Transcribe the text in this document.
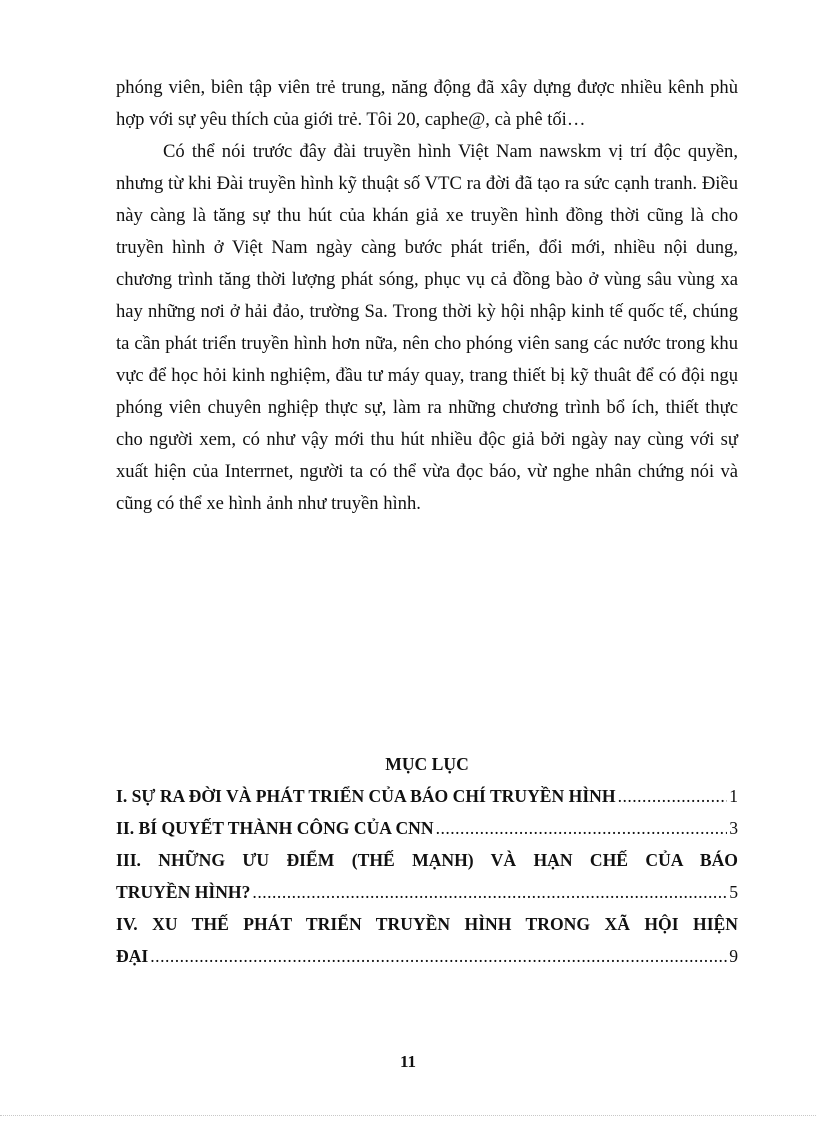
phóng viên, biên tập viên trẻ trung, năng động đã xây dựng được nhiều kênh phù hợp với sự yêu thích của giới trẻ. Tôi 20, caphe@, cà phê tối…

Có thể nói trước đây đài truyền hình Việt Nam nawskm vị trí độc quyền, nhưng từ khi Đài truyền hình kỹ thuật số VTC ra đời đã tạo ra sức cạnh tranh. Điều này càng là tăng sự thu hút của khán giả xe truyền hình đồng thời cũng là cho truyền hình ở Việt Nam ngày càng bước phát triển, đổi mới, nhiều nội dung, chương trình tăng thời lượng phát sóng, phục vụ cả đồng bào ở vùng sâu vùng xa hay những nơi ở hải đảo, trường Sa. Trong thời kỳ hội nhập kinh tế quốc tế, chúng ta cần phát triển truyền hình hơn nữa, nên cho phóng viên sang các nước trong khu vực để học hỏi kinh nghiệm, đầu tư máy quay, trang thiết bị kỹ thuât để có đội ngụ phóng viên chuyên nghiệp thực sự, làm ra những chương trình bổ ích, thiết thực cho người xem, có như vậy mới thu hút nhiều độc giả bởi ngày nay cùng với sự xuất hiện của Interrnet, người ta có thể vừa đọc báo, vừ nghe nhân chứng nói và cũng có thể xe hình ảnh như truyền hình.

MỤC LỤC
I. SỰ RA ĐỜI VÀ PHÁT TRIỂN CỦA BÁO CHÍ TRUYỀN HÌNH .....	1
II. BÍ QUYẾT THÀNH CÔNG CỦA CNN .....	3
III. NHỮNG ƯU ĐIỂM (THẾ MẠNH) VÀ HẠN CHẾ CỦA BÁO
TRUYỀN HÌNH? .....	5
IV. XU THẾ PHÁT TRIỂN TRUYỀN HÌNH TRONG XÃ HỘI HIỆN
ĐẠI .....	9
11
